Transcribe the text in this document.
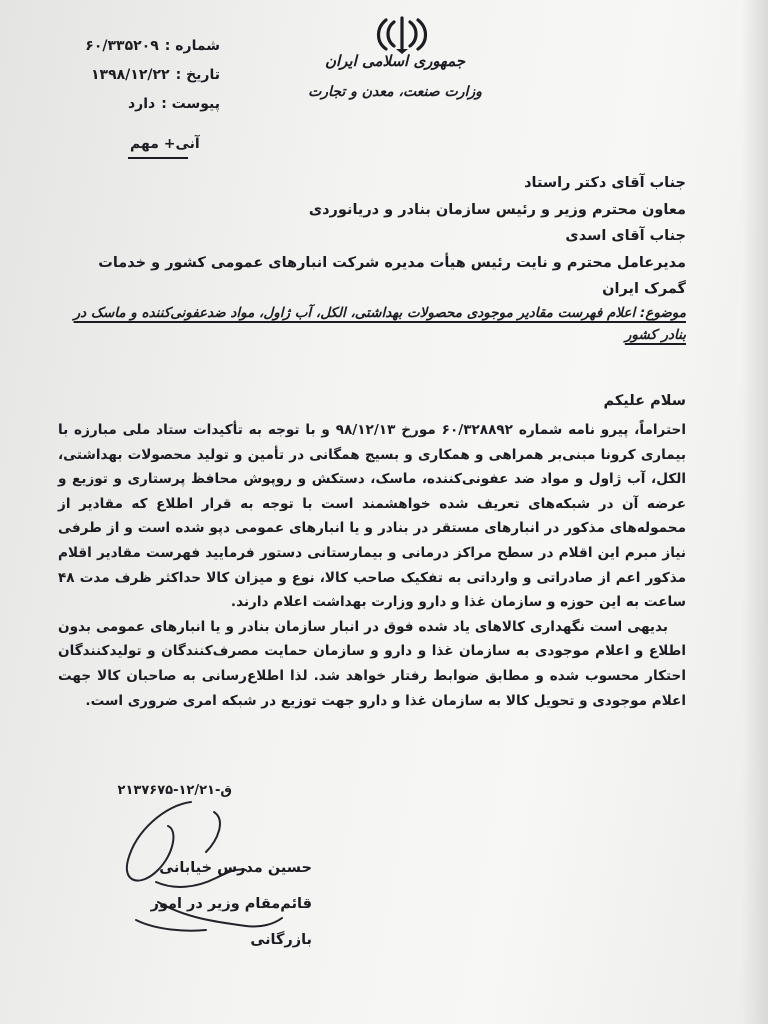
جمهوری اسلامی ایران
وزارت صنعت، معدن و تجارت
شماره :
۶۰/۳۳۵۲۰۹
تاریخ :
۱۳۹۸/۱۲/۲۲
پیوست :
دارد
آنی+ مهم
جناب آقای دکتر راستاد
معاون محترم وزیر و رئیس سازمان بنادر و دریانوردی
جناب آقای اسدی
مدیرعامل محترم و نایت رئیس هیأت مدیره شرکت انبارهای عمومی کشور و خدمات
گمرک ایران
موضوع: اعلام فهرست مقادیر موجودی محصولات بهداشتی، الکل، آب ژاول، مواد ضدعفونی‌کننده و ماسک در بنادر کشور
سلام علیکم

احتراماً، پیرو نامه شماره ۶۰/۳۲۸۸۹۲ مورخ ۹۸/۱۲/۱۳ و با توجه به تأکیدات ستاد ملی مبارزه با بیماری کرونا مبنی‌بر همراهی و همکاری و بسیج همگانی در تأمین و تولید محصولات بهداشتی، الکل، آب ژاول و مواد ضد عفونی‌کننده، ماسک، دستکش و روپوش محافظ پرستاری و توزیع و عرضه آن در شبکه‌های تعریف شده خواهشمند است با توجه به قرار اطلاع که مقادیر از محموله‌های مذکور در انبارهای مستقر در بنادر و یا انبارهای عمومی دپو شده است و از طرفی نیاز مبرم این اقلام در سطح مراکز درمانی و بیمارستانی دستور فرمایید فهرست مقادیر اقلام مذکور اعم از صادراتی و وارداتی به تفکیک صاحب کالا، نوع و میزان کالا حداکثر ظرف مدت ۴۸ ساعت به این حوزه و سازمان غذا و دارو وزارت بهداشت اعلام دارند.

بدیهی است نگهداری کالاهای یاد شده فوق در انبار سازمان بنادر و یا انبارهای عمومی بدون اطلاع و اعلام موجودی به سازمان غذا و دارو و سازمان حمایت مصرف‌کنندگان و تولیدکنندگان احتکار محسوب شده و مطابق ضوابط رفتار خواهد شد. لذا اطلاع‌رسانی به صاحبان کالا جهت اعلام موجودی و تحویل کالا به سازمان غذا و دارو جهت توزیع در شبکه امری ضروری است.

ق-۱۲/۲۱-۲۱۳۷۶۷۵
حسین مدرس خیابانی
قائم‌مقام وزیر در امور بازرگانی
